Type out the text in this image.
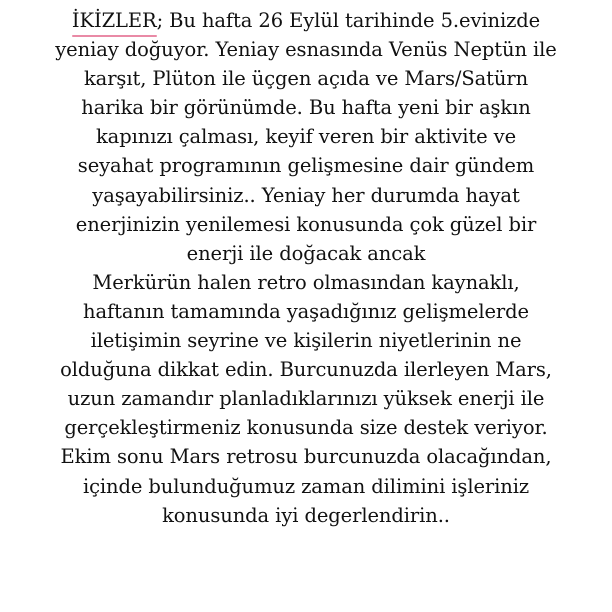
İKİZLER
; Bu hafta 26 Eylül tarihinde 5.evinizde
yeniay doğuyor. Yeniay esnasında Venüs Neptün ile
karşıt, Plüton ile üçgen açıda ve Mars/Satürn
harika bir görünümde. Bu hafta yeni bir aşkın
kapınızı çalması, keyif veren bir aktivite ve
seyahat programının gelişmesine dair gündem
yaşayabilirsiniz.. Yeniay her durumda hayat
enerjinizin yenilemesi konusunda çok güzel bir
enerji ile doğacak ancak
Merkürün halen retro olmasından kaynaklı,
haftanın tamamında yaşadığınız gelişmelerde
iletişimin seyrine ve kişilerin niyetlerinin ne
olduğuna dikkat edin. Burcunuzda ilerleyen Mars,
uzun zamandır planladıklarınızı yüksek enerji ile
gerçekleştirmeniz konusunda size destek veriyor.
Ekim sonu Mars retrosu burcunuzda olacağından,
içinde bulunduğumuz zaman dilimini işleriniz
konusunda iyi degerlendirin..
